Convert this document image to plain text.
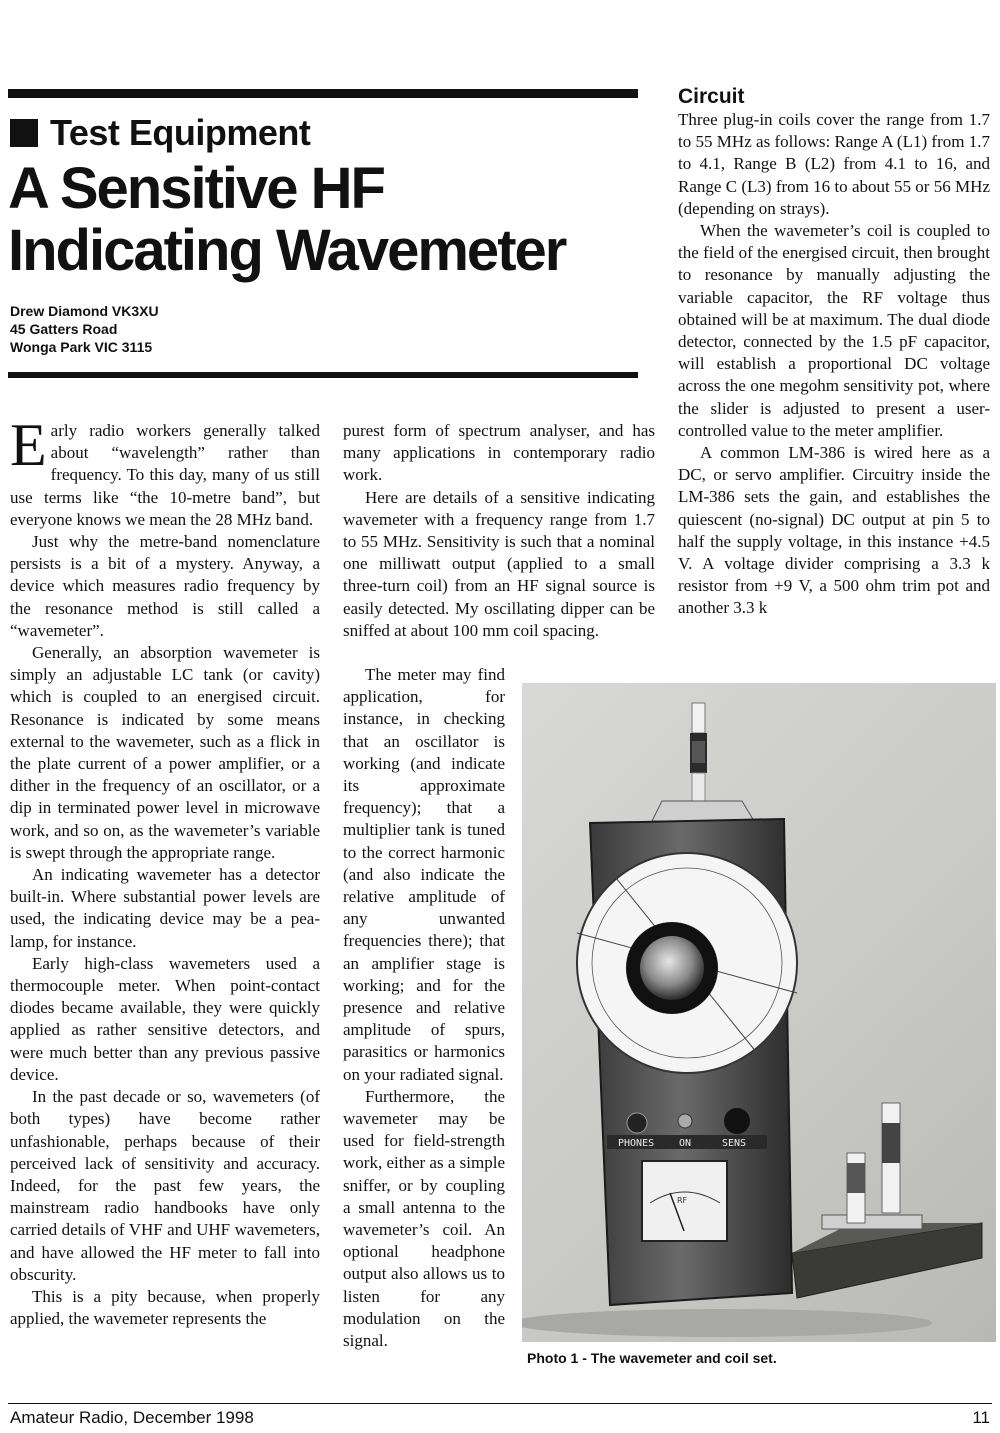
Test Equipment
A Sensitive HF
Indicating Wavemeter
Drew Diamond VK3XU
45 Gatters Road
Wonga Park VIC 3115

Early radio workers generally talked about “wavelength” rather than frequency. To this day, many of us still use terms like “the 10-metre band”, but everyone knows we mean the 28 MHz band.

Just why the metre-band nomenclature persists is a bit of a mystery. Anyway, a device which measures radio frequency by the resonance method is still called a “wavemeter”.

Generally, an absorption wavemeter is simply an adjustable LC tank (or cavity) which is coupled to an energised circuit. Resonance is indicated by some means external to the wavemeter, such as a flick in the plate current of a power amplifier, or a dither in the frequency of an oscillator, or a dip in terminated power level in microwave work, and so on, as the wavemeter’s variable is swept through the appropriate range.

An indicating wavemeter has a detector built-in. Where substantial power levels are used, the indicating device may be a pea-lamp, for instance.

Early high-class wavemeters used a thermocouple meter. When point-contact diodes became available, they were quickly applied as rather sensitive detectors, and were much better than any previous passive device.

In the past decade or so, wavemeters (of both types) have become rather unfashionable, perhaps because of their perceived lack of sensitivity and accuracy. Indeed, for the past few years, the mainstream radio handbooks have only carried details of VHF and UHF wavemeters, and have allowed the HF meter to fall into obscurity.

This is a pity because, when properly applied, the wavemeter represents the

purest form of spectrum analyser, and has many applications in contemporary radio work.

Here are details of a sensitive indicating wavemeter with a frequency range from 1.7 to 55 MHz. Sensitivity is such that a nominal one milliwatt output (applied to a small three-turn coil) from an HF signal source is easily detected. My oscillating dipper can be sniffed at about 100 mm coil spacing.

The meter may find application, for instance, in checking that an oscillator is working (and indicate its approximate frequency); that a multiplier tank is tuned to the correct harmonic (and also indicate the relative amplitude of any unwanted frequencies there); that an amplifier stage is working; and for the presence and relative amplitude of spurs, parasitics or harmonics on your radiated signal.

Furthermore, the wavemeter may be used for field-strength work, either as a simple sniffer, or by coupling a small antenna to the wavemeter’s coil. An optional headphone output also allows us to listen for any modulation on the signal.

Circuit

Three plug-in coils cover the range from 1.7 to 55 MHz as follows: Range A (L1) from 1.7 to 4.1, Range B (L2) from 4.1 to 16, and Range C (L3) from 16 to about 55 or 56 MHz (depending on strays).

When the wavemeter’s coil is coupled to the field of the energised circuit, then brought to resonance by manually adjusting the variable capacitor, the RF voltage thus obtained will be at maximum. The dual diode detector, connected by the 1.5 pF capacitor, will establish a proportional DC voltage across the one megohm sensitivity pot, where the slider is adjusted to present a user-controlled value to the meter amplifier.

A common LM-386 is wired here as a DC, or servo amplifier. Circuitry inside the LM-386 sets the gain, and establishes the quiescent (no-signal) DC output at pin 5 to half the supply voltage, in this instance +4.5 V. A voltage divider comprising a 3.3 k resistor from +9 V, a 500 ohm trim pot and another 3.3 k

PHONES ON	SENS
RF
Photo 1 - The wavemeter and coil set.
Amateur Radio, December 1998	11
